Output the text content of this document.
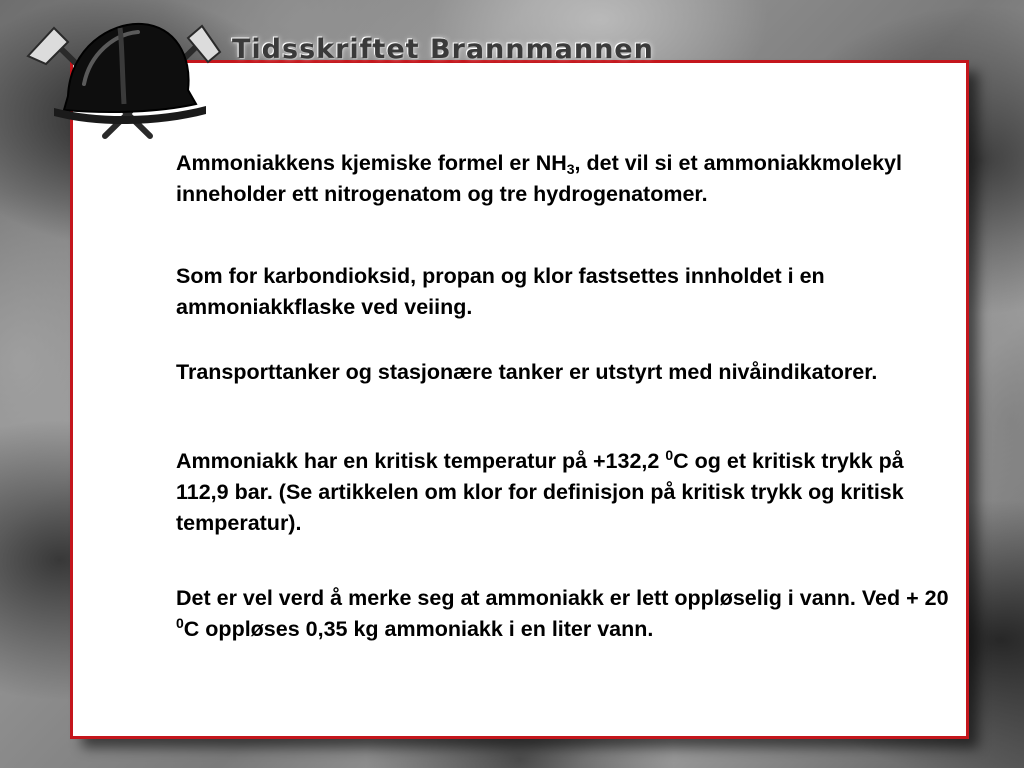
Tidsskriftet Brannmannen

Ammoniakkens kjemiske formel er $NH_3$, det vil si et ammoniakkmolekyl inneholder ett nitrogenatom og tre hydrogenatomer.

Som for karbondioksid, propan og klor fastsettes innholdet i en ammoniakkflaske ved veiing.

Transporttanker og stasjonære tanker er utstyrt med nivåindikatorer.

Ammoniakk har en kritisk temperatur på +132,2 $^0$C og et kritisk trykk på 112,9 bar. (Se artikkelen om klor for definisjon på kritisk trykk og kritisk temperatur).

Det er vel verd å merke seg at ammoniakk er lett oppløselig i vann. Ved + 20 $^0$C oppløses 0,35 kg ammoniakk i en liter vann.
